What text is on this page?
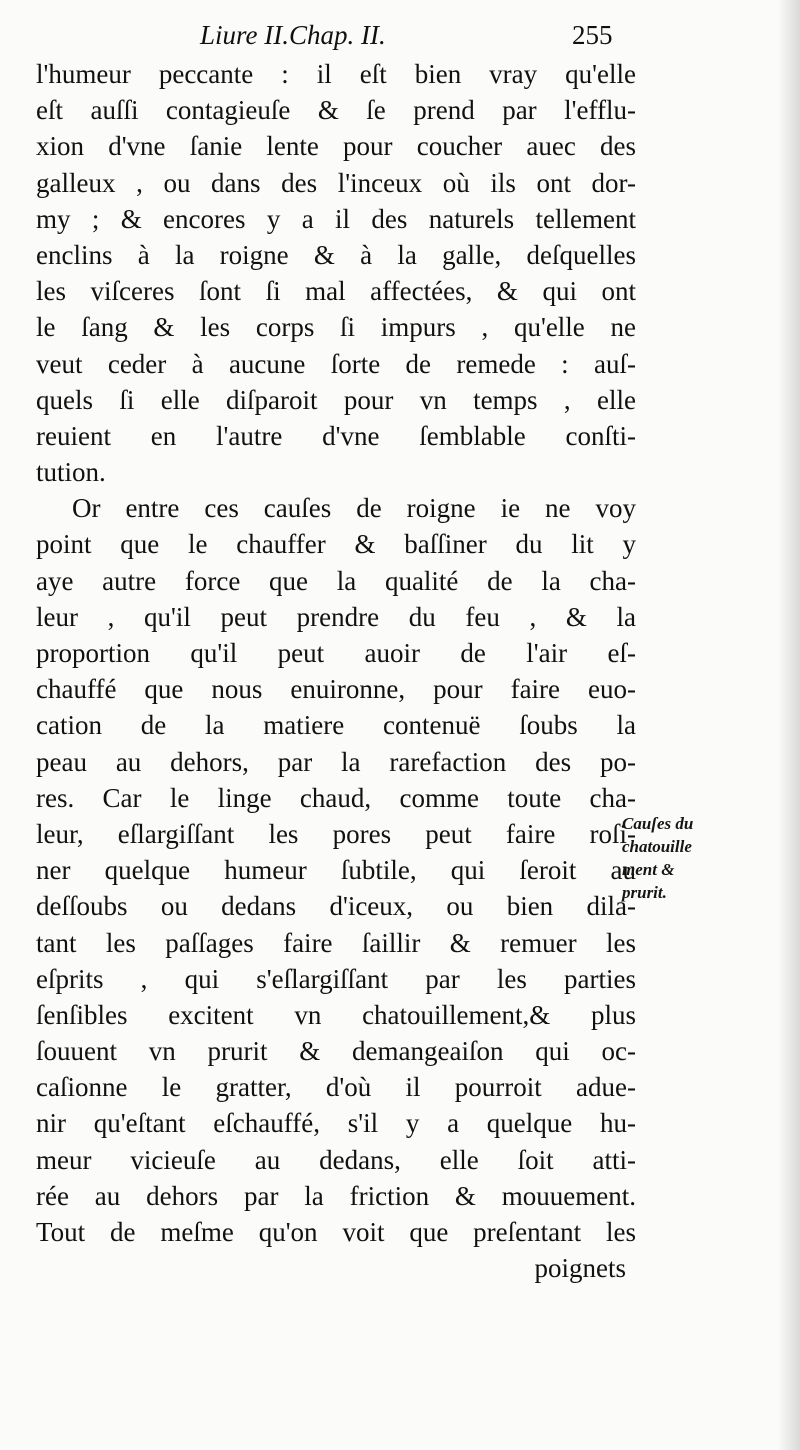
Liure II.Chap. II.	255
l'humeur peccante : il eſt bien vray qu'elle
eſt auſſi contagieuſe & ſe prend par l'efflu-
xion d'vne ſanie lente pour coucher auec des
galleux , ou dans des l'inceux où ils ont dor-
my ; & encores y a il des naturels tellement
enclins à la roigne & à la galle, deſquelles
les viſceres ſont ſi mal affectées, & qui ont
le ſang & les corps ſi impurs , qu'elle ne
veut ceder à aucune ſorte de remede : auſ-
quels ſi elle diſparoit pour vn temps , elle
reuient en l'autre d'vne ſemblable conſti-
tution.
Or entre ces cauſes de roigne ie ne voy
point que le chauffer & baſſiner du lit y
aye autre force que la qualité de la cha-
leur , qu'il peut prendre du feu , & la
proportion qu'il peut auoir de l'air eſ-
chauffé que nous enuironne, pour faire euo-
cation de la matiere contenuë ſoubs la
peau au dehors, par la rarefaction des po-
res. Car le linge chaud, comme toute cha-
leur, eſlargiſſant les pores peut faire roſi-
ner quelque humeur ſubtile, qui ſeroit au
deſſoubs ou dedans d'iceux, ou bien dila-
tant les paſſages faire ſaillir & remuer les
eſprits , qui s'eſlargiſſant par les parties
ſenſibles excitent vn chatouillement,& plus
ſouuent vn prurit & demangeaiſon qui oc-
caſionne le gratter, d'où il pourroit adue-
nir qu'eſtant eſchauffé, s'il y a quelque hu-
meur vicieuſe au dedans, elle ſoit atti-
rée au dehors par la friction & mouuement.
Tout de meſme qu'on voit que preſentant les
poignets
Cauſes du
chatouille
ment &
prurit.
